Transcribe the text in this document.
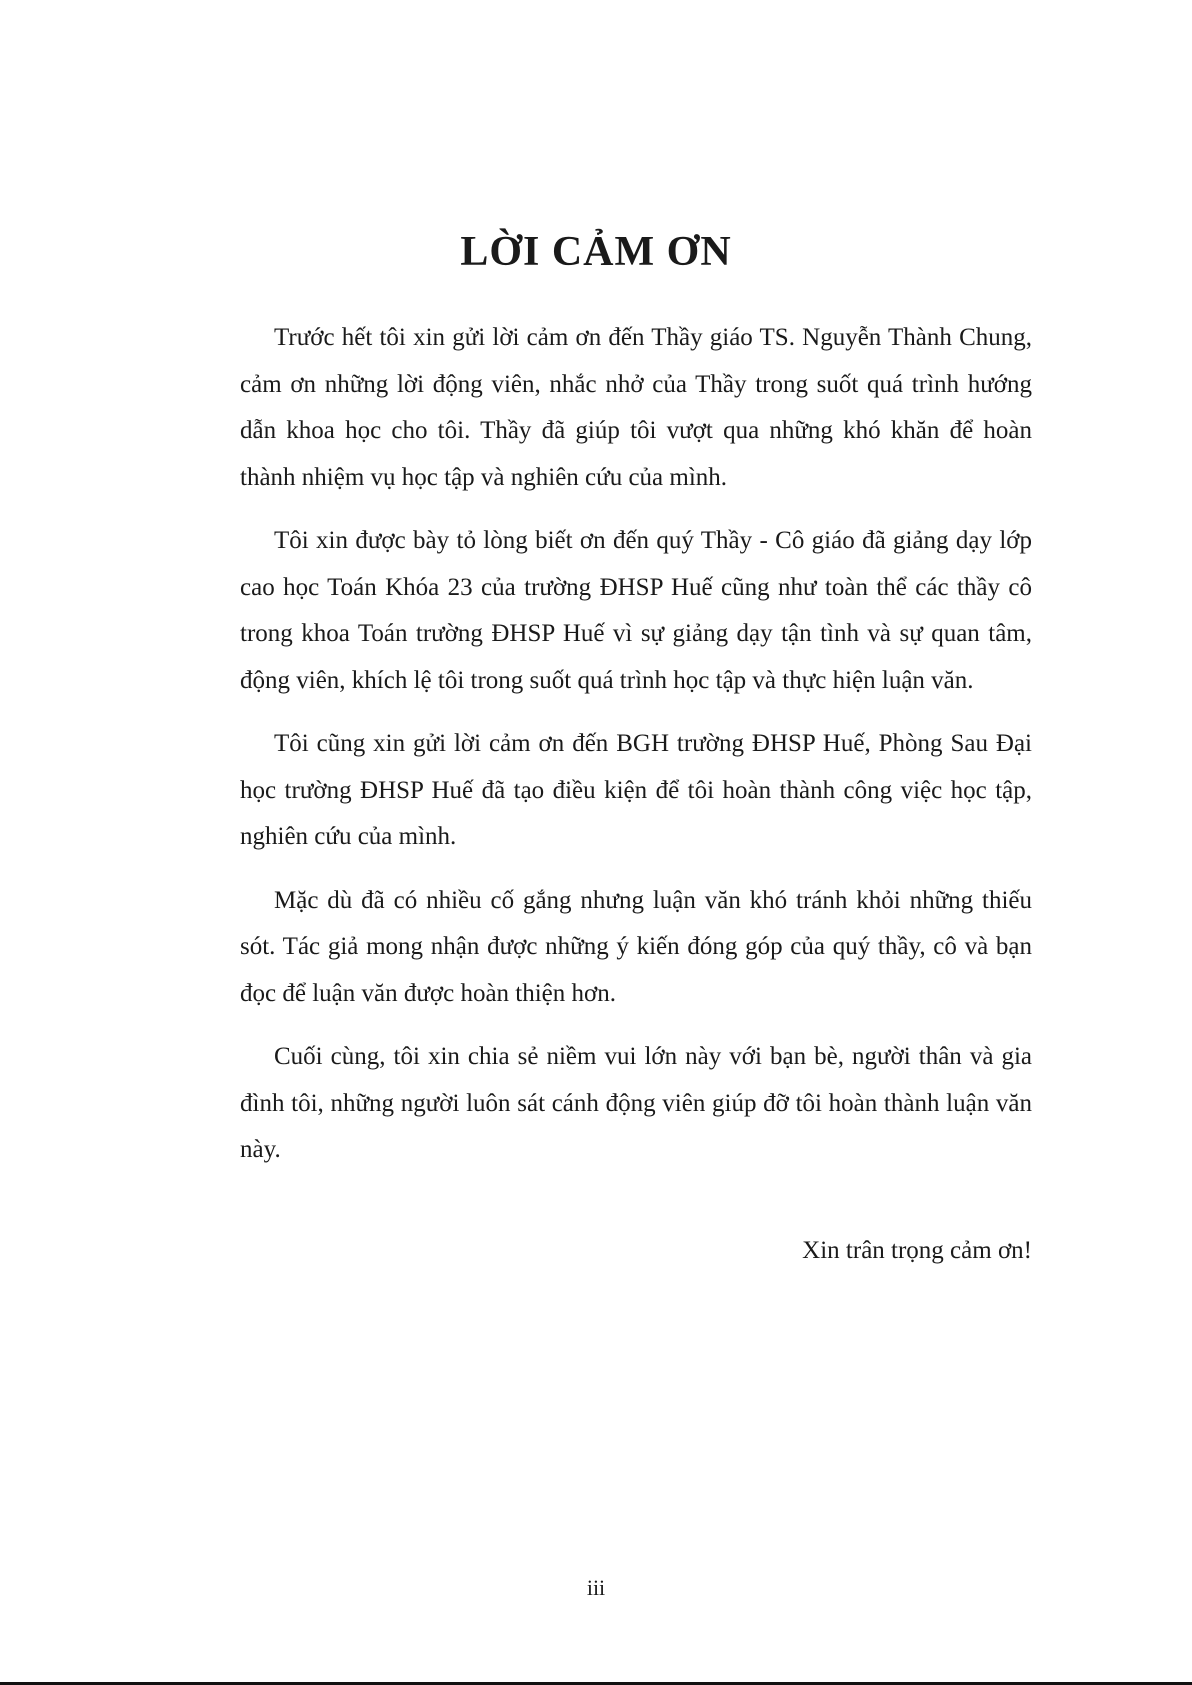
LỜI CẢM ƠN

Trước hết tôi xin gửi lời cảm ơn đến Thầy giáo TS. Nguyễn Thành Chung, cảm ơn những lời động viên, nhắc nhở của Thầy trong suốt quá trình hướng dẫn khoa học cho tôi. Thầy đã giúp tôi vượt qua những khó khăn để hoàn thành nhiệm vụ học tập và nghiên cứu của mình.

Tôi xin được bày tỏ lòng biết ơn đến quý Thầy - Cô giáo đã giảng dạy lớp cao học Toán Khóa 23 của trường ĐHSP Huế cũng như toàn thể các thầy cô trong khoa Toán trường ĐHSP Huế vì sự giảng dạy tận tình và sự quan tâm, động viên, khích lệ tôi trong suốt quá trình học tập và thực hiện luận văn.

Tôi cũng xin gửi lời cảm ơn đến BGH trường ĐHSP Huế, Phòng Sau Đại học trường ĐHSP Huế đã tạo điều kiện để tôi hoàn thành công việc học tập, nghiên cứu của mình.

Mặc dù đã có nhiều cố gắng nhưng luận văn khó tránh khỏi những thiếu sót. Tác giả mong nhận được những ý kiến đóng góp của quý thầy, cô và bạn đọc để luận văn được hoàn thiện hơn.

Cuối cùng, tôi xin chia sẻ niềm vui lớn này với bạn bè, người thân và gia đình tôi, những người luôn sát cánh động viên giúp đỡ tôi hoàn thành luận văn này.

Xin trân trọng cảm ơn!

iii
